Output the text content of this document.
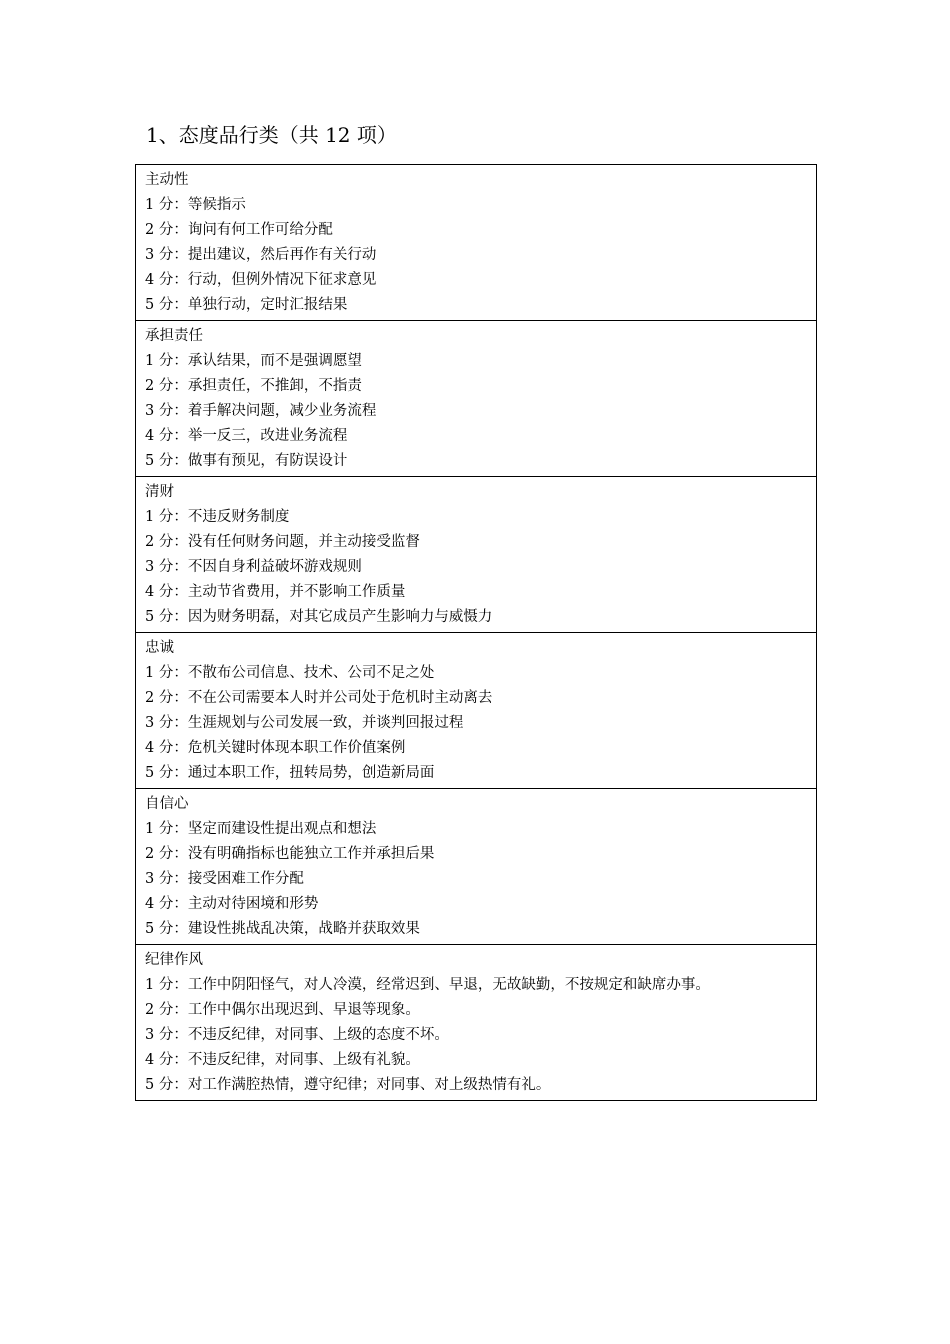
1、态度品行类（共 12 项）
主动性
1 分：等候指示
2 分：询问有何工作可给分配
3 分：提出建议，然后再作有关行动
4 分：行动，但例外情况下征求意见
5 分：单独行动，定时汇报结果

承担责任
1 分：承认结果，而不是强调愿望
2 分：承担责任，不推卸，不指责
3 分：着手解决问题，减少业务流程
4 分：举一反三，改进业务流程
5 分：做事有预见，有防误设计

清财
1 分：不违反财务制度
2 分：没有任何财务问题，并主动接受监督
3 分：不因自身利益破坏游戏规则
4 分：主动节省费用，并不影响工作质量
5 分：因为财务明磊，对其它成员产生影响力与威慑力

忠诚
1 分：不散布公司信息、技术、公司不足之处
2 分：不在公司需要本人时并公司处于危机时主动离去
3 分：生涯规划与公司发展一致，并谈判回报过程
4 分：危机关键时体现本职工作价值案例
5 分：通过本职工作，扭转局势，创造新局面

自信心
1 分：坚定而建设性提出观点和想法
2 分：没有明确指标也能独立工作并承担后果
3 分：接受困难工作分配
4 分：主动对待困境和形势
5 分：建设性挑战乱决策，战略并获取效果

纪律作风
1 分：工作中阴阳怪气，对人冷漠，经常迟到、早退，无故缺勤，不按规定和缺席办事。
2 分：工作中偶尔出现迟到、早退等现象。
3 分：不违反纪律，对同事、上级的态度不坏。
4 分：不违反纪律，对同事、上级有礼貌。
5 分：对工作满腔热情，遵守纪律；对同事、对上级热情有礼。
